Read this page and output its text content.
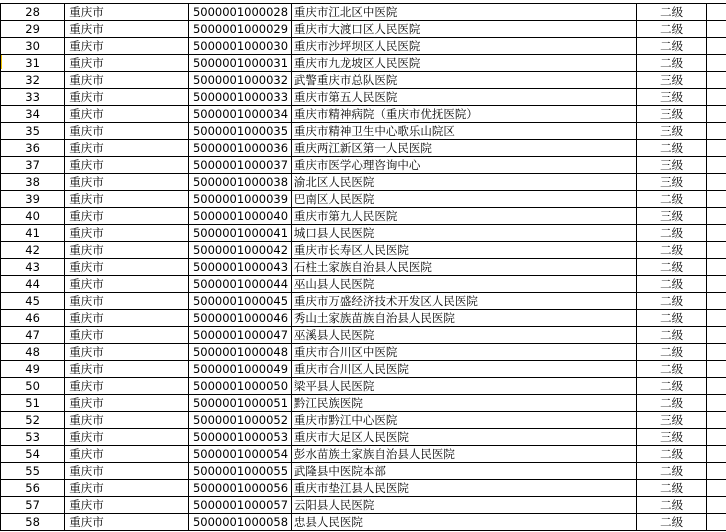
28	重庆市	5000001000028	重庆市江北区中医院	二级	
29	重庆市	5000001000029	重庆市大渡口区人民医院	二级	
30	重庆市	5000001000030	重庆市沙坪坝区人民医院	二级	
31	重庆市	5000001000031	重庆市九龙坡区人民医院	二级	
32	重庆市	5000001000032	武警重庆市总队医院	三级	
33	重庆市	5000001000033	重庆市第五人民医院	三级	
34	重庆市	5000001000034	重庆市精神病院（重庆市优抚医院）	三级	
35	重庆市	5000001000035	重庆市精神卫生中心歌乐山院区	三级	
36	重庆市	5000001000036	重庆两江新区第一人民医院	二级	
37	重庆市	5000001000037	重庆市医学心理咨询中心	三级	
38	重庆市	5000001000038	渝北区人民医院	三级	
39	重庆市	5000001000039	巴南区人民医院	二级	
40	重庆市	5000001000040	重庆市第九人民医院	三级	
41	重庆市	5000001000041	城口县人民医院	二级	
42	重庆市	5000001000042	重庆市长寿区人民医院	二级	
43	重庆市	5000001000043	石柱土家族自治县人民医院	二级	
44	重庆市	5000001000044	巫山县人民医院	二级	
45	重庆市	5000001000045	重庆市万盛经济技术开发区人民医院	二级	
46	重庆市	5000001000046	秀山土家族苗族自治县人民医院	二级	
47	重庆市	5000001000047	巫溪县人民医院	二级	
48	重庆市	5000001000048	重庆市合川区中医院	二级	
49	重庆市	5000001000049	重庆市合川区人民医院	二级	
50	重庆市	5000001000050	梁平县人民医院	二级	
51	重庆市	5000001000051	黔江民族医院	二级	
52	重庆市	5000001000052	重庆市黔江中心医院	三级	
53	重庆市	5000001000053	重庆市大足区人民医院	三级	
54	重庆市	5000001000054	彭水苗族土家族自治县人民医院	二级	
55	重庆市	5000001000055	武隆县中医院本部	二级	
56	重庆市	5000001000056	重庆市垫江县人民医院	二级	
57	重庆市	5000001000057	云阳县人民医院	二级	
58	重庆市	5000001000058	忠县人民医院	二级	
